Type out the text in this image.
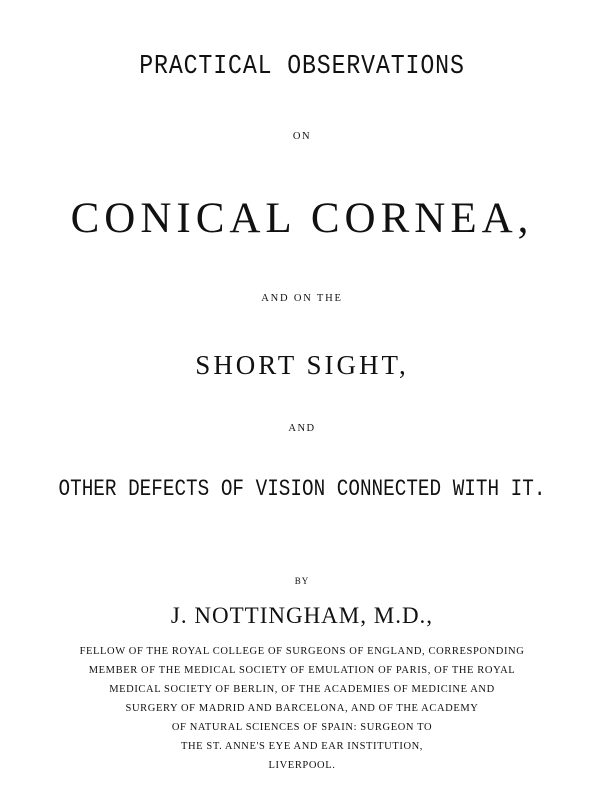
PRACTICAL OBSERVATIONS
ON
CONICAL CORNEA,
AND ON THE
SHORT SIGHT,
AND
OTHER DEFECTS OF VISION CONNECTED WITH IT.
BY
J. NOTTINGHAM, M.D.,
FELLOW OF THE ROYAL COLLEGE OF SURGEONS OF ENGLAND, CORRESPONDING
MEMBER OF THE MEDICAL SOCIETY OF EMULATION OF PARIS, OF THE ROYAL
MEDICAL SOCIETY OF BERLIN, OF THE ACADEMIES OF MEDICINE AND
SURGERY OF MADRID AND BARCELONA, AND OF THE ACADEMY
OF NATURAL SCIENCES OF SPAIN: SURGEON TO
THE ST. ANNE'S EYE AND EAR INSTITUTION,
LIVERPOOL.
